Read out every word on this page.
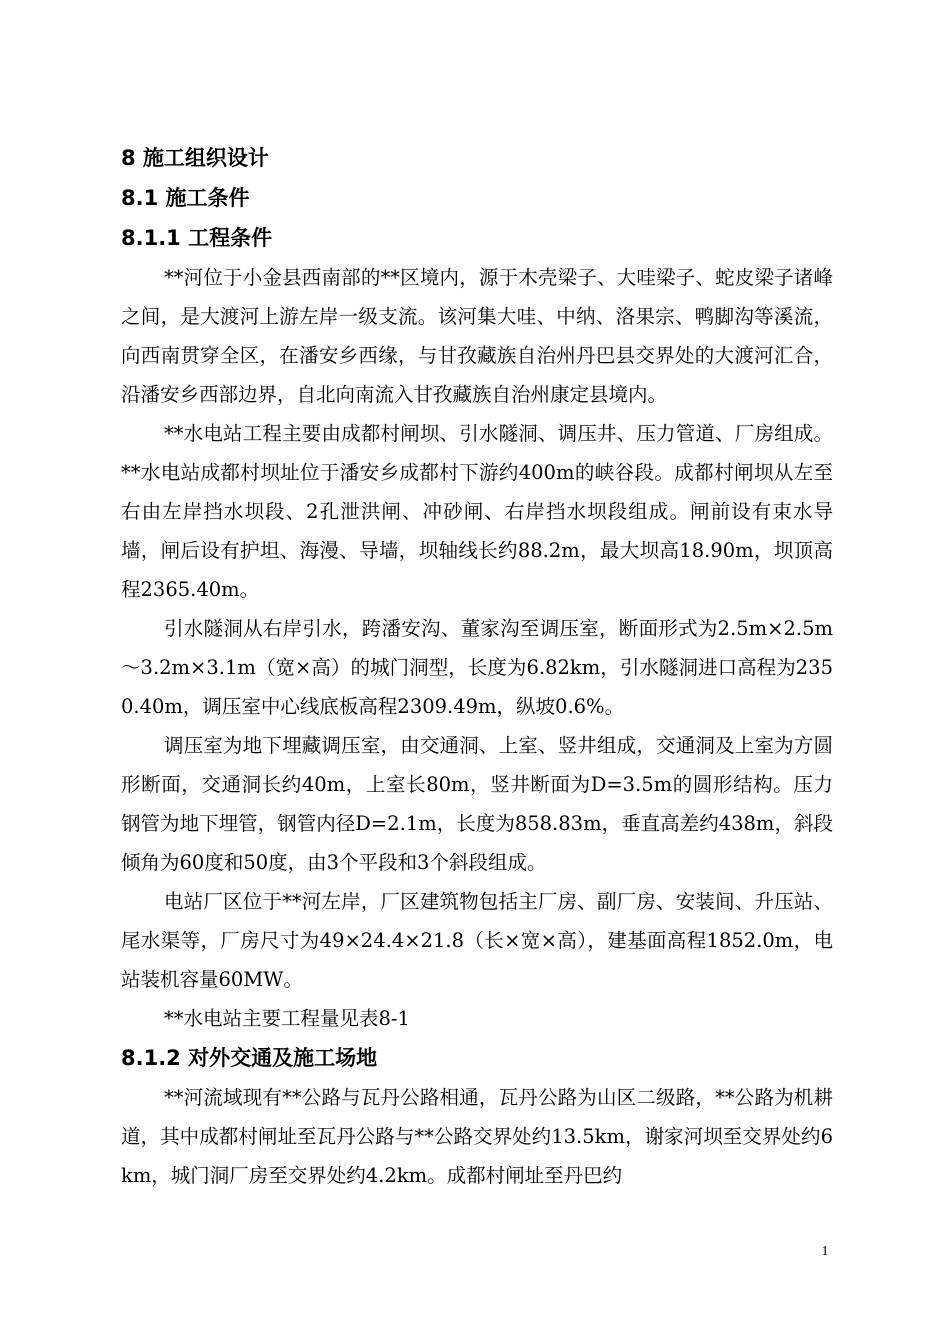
8 施工组织设计
8.1 施工条件
8.1.1 工程条件

**河位于小金县西南部的**区境内，源于木壳梁子、大哇梁子、蛇皮梁子诸峰之间，是大渡河上游左岸一级支流。该河集大哇、中纳、洛果宗、鸭脚沟等溪流，向西南贯穿全区，在潘安乡西缘，与甘孜藏族自治州丹巴县交界处的大渡河汇合，沿潘安乡西部边界，自北向南流入甘孜藏族自治州康定县境内。

**水电站工程主要由成都村闸坝、引水隧洞、调压井、压力管道、厂房组成。**水电站成都村坝址位于潘安乡成都村下游约400m的峡谷段。成都村闸坝从左至右由左岸挡水坝段、2孔泄洪闸、冲砂闸、右岸挡水坝段组成。闸前设有束水导墙，闸后设有护坦、海漫、导墙，坝轴线长约88.2m，最大坝高18.90m，坝顶高程2365.40m。

引水隧洞从右岸引水，跨潘安沟、董家沟至调压室，断面形式为2.5m×2.5m～3.2m×3.1m（宽×高）的城门洞型，长度为6.82km，引水隧洞进口高程为2350.40m，调压室中心线底板高程2309.49m，纵坡0.6%。

调压室为地下埋藏调压室，由交通洞、上室、竖井组成，交通洞及上室为方圆形断面，交通洞长约40m，上室长80m，竖井断面为D=3.5m的圆形结构。压力钢管为地下埋管，钢管内径D=2.1m，长度为858.83m，垂直高差约438m，斜段倾角为60度和50度，由3个平段和3个斜段组成。

电站厂区位于**河左岸，厂区建筑物包括主厂房、副厂房、安装间、升压站、尾水渠等，厂房尺寸为49×24.4×21.8（长×宽×高），建基面高程1852.0m，电站装机容量60MW。

**水电站主要工程量见表8-1

8.1.2 对外交通及施工场地

**河流域现有**公路与瓦丹公路相通，瓦丹公路为山区二级路，**公路为机耕道，其中成都村闸址至瓦丹公路与**公路交界处约13.5km，谢家河坝至交界处约6km，城门洞厂房至交界处约4.2km。成都村闸址至丹巴约

1
